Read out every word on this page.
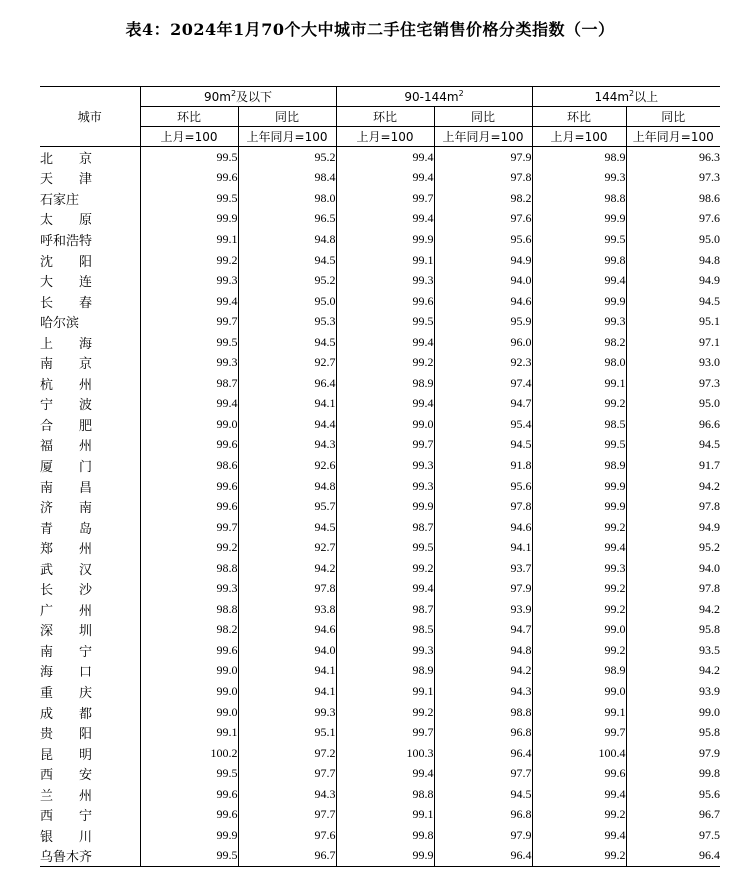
表4：2024年1月70个大中城市二手住宅销售价格分类指数（一）
城市	$90m^2$及以下		$90-144m^2$		$144m^2$以上	
	环比	同比	环比	同比	环比	同比
	上月=100	上年同月=100	上月=100	上年同月=100	上月=100	上年同月=100
北　　京	99.5	95.2	99.4	97.9	98.9	96.3
天　　津	99.6	98.4	99.4	97.8	99.3	97.3
石家庄	99.5	98.0	99.7	98.2	98.8	98.6
太　　原	99.9	96.5	99.4	97.6	99.9	97.6
呼和浩特	99.1	94.8	99.9	95.6	99.5	95.0
沈　　阳	99.2	94.5	99.1	94.9	99.8	94.8
大　　连	99.3	95.2	99.3	94.0	99.4	94.9
长　　春	99.4	95.0	99.6	94.6	99.9	94.5
哈尔滨	99.7	95.3	99.5	95.9	99.3	95.1
上　　海	99.5	94.5	99.4	96.0	98.2	97.1
南　　京	99.3	92.7	99.2	92.3	98.0	93.0
杭　　州	98.7	96.4	98.9	97.4	99.1	97.3
宁　　波	99.4	94.1	99.4	94.7	99.2	95.0
合　　肥	99.0	94.4	99.0	95.4	98.5	96.6
福　　州	99.6	94.3	99.7	94.5	99.5	94.5
厦　　门	98.6	92.6	99.3	91.8	98.9	91.7
南　　昌	99.6	94.8	99.3	95.6	99.9	94.2
济　　南	99.6	95.7	99.9	97.8	99.9	97.8
青　　岛	99.7	94.5	98.7	94.6	99.2	94.9
郑　　州	99.2	92.7	99.5	94.1	99.4	95.2
武　　汉	98.8	94.2	99.2	93.7	99.3	94.0
长　　沙	99.3	97.8	99.4	97.9	99.2	97.8
广　　州	98.8	93.8	98.7	93.9	99.2	94.2
深　　圳	98.2	94.6	98.5	94.7	99.0	95.8
南　　宁	99.6	94.0	99.3	94.8	99.2	93.5
海　　口	99.0	94.1	98.9	94.2	98.9	94.2
重　　庆	99.0	94.1	99.1	94.3	99.0	93.9
成　　都	99.0	99.3	99.2	98.8	99.1	99.0
贵　　阳	99.1	95.1	99.7	96.8	99.7	95.8
昆　　明	100.2	97.2	100.3	96.4	100.4	97.9
西　　安	99.5	97.7	99.4	97.7	99.6	99.8
兰　　州	99.6	94.3	98.8	94.5	99.4	95.6
西　　宁	99.6	97.7	99.1	96.8	99.2	96.7
银　　川	99.9	97.6	99.8	97.9	99.4	97.5
乌鲁木齐	99.5	96.7	99.9	96.4	99.2	96.4
